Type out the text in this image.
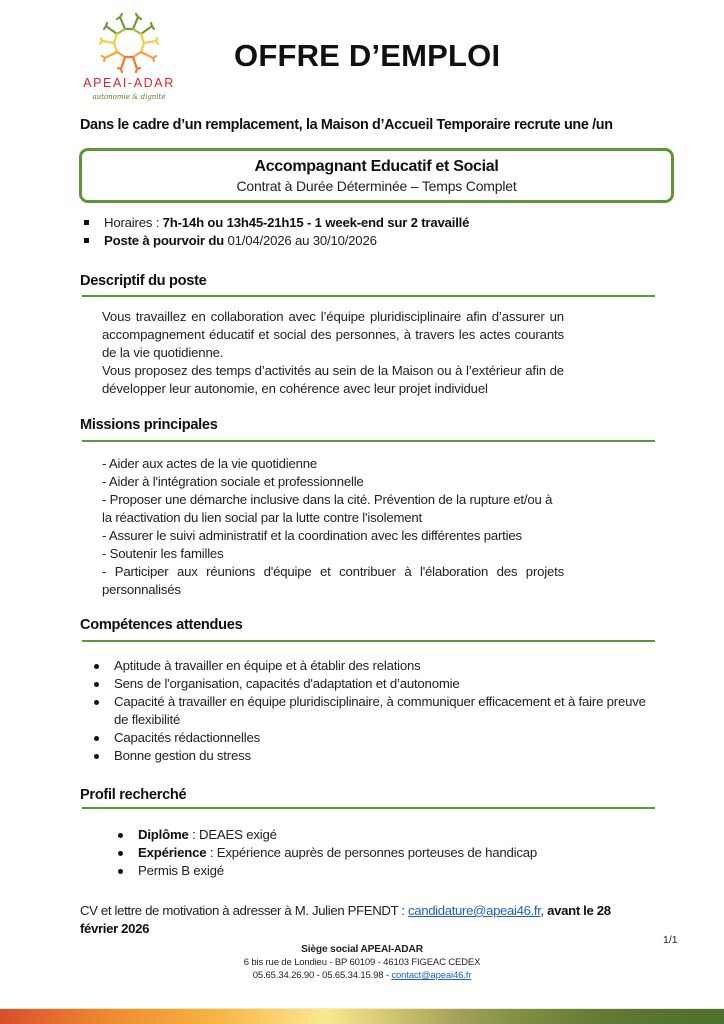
APEAI-ADAR
autonomie & dignité
OFFRE D’EMPLOI
Dans le cadre d’un remplacement, la Maison d’Accueil Temporaire recrute une /un
Accompagnant Educatif et Social
Contrat à Durée Déterminée – Temps Complet
Horaires : 7h-14h ou 13h45-21h15 - 1 week-end sur 2 travaillé
Poste à pourvoir du 01/04/2026 au 30/10/2026
Descriptif du poste

Vous travaillez en collaboration avec l’équipe pluridisciplinaire afin d’assurer un accompagnement éducatif et social des personnes, à travers les actes courants de la vie quotidienne.

Vous proposez des temps d’activités au sein de la Maison ou à l’extérieur afin de développer leur autonomie, en cohérence avec leur projet individuel

Missions principales
- Aider aux actes de la vie quotidienne
- Aider à l'intégration sociale et professionnelle
- Proposer une démarche inclusive dans la cité. Prévention de la rupture et/ou à la réactivation du lien social par la lutte contre l'isolement
- Assurer le suivi administratif et la coordination avec les différentes parties
- Soutenir les familles
- Participer aux réunions d'équipe et contribuer à l'élaboration des projets personnalisés
Compétences attendues
Aptitude à travailler en équipe et à établir des relations
Sens de l'organisation, capacités d'adaptation et d’autonomie
Capacité à travailler en équipe pluridisciplinaire, à communiquer efficacement et à faire preuve de flexibilité
Capacités rédactionnelles
Bonne gestion du stress
Profil recherché
Diplôme : DEAES exigé
Expérience : Expérience auprès de personnes porteuses de handicap
Permis B exigé
CV et lettre de motivation à adresser à M. Julien PFENDT : candidature@apeai46.fr, avant le 28 février 2026
1/1
Siège social APEAI-ADAR
6 bis rue de Londieu - BP 60109 - 46103 FIGEAC CEDEX
05.65.34.26.90 - 05.65.34.15.98 - contact@apeai46.fr
